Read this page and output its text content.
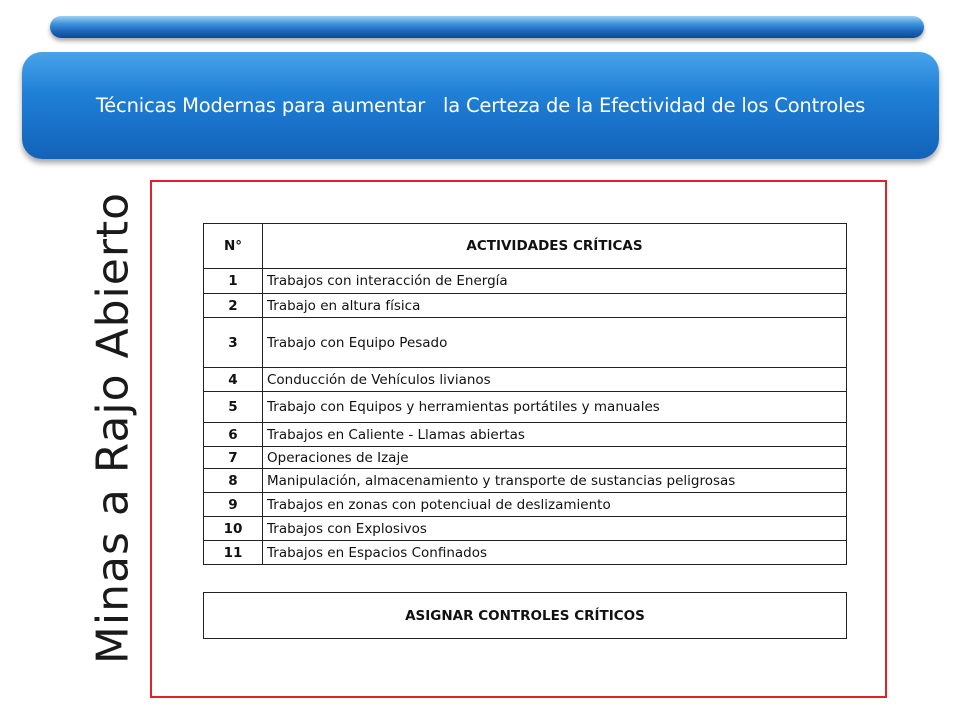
Técnicas Modernas para aumentar   la Certeza de la Efectividad de los Controles
Minas a Rajo Abierto	N°	ACTIVIDADES CRÍTICAS
1	Trabajos con interacción de Energía
2	Trabajo en altura física
3	Trabajo con Equipo Pesado
4	Conducción de Vehículos livianos
5	Trabajo con Equipos y herramientas portátiles y manuales
6	Trabajos en Caliente - Llamas abiertas
7	Operaciones de Izaje
8	Manipulación, almacenamiento y transporte de sustancias peligrosas
9	Trabajos en zonas con potenciual de deslizamiento
10	Trabajos con Explosivos
11	Trabajos en Espacios Confinados
ASIGNAR CONTROLES CRÍTICOS
